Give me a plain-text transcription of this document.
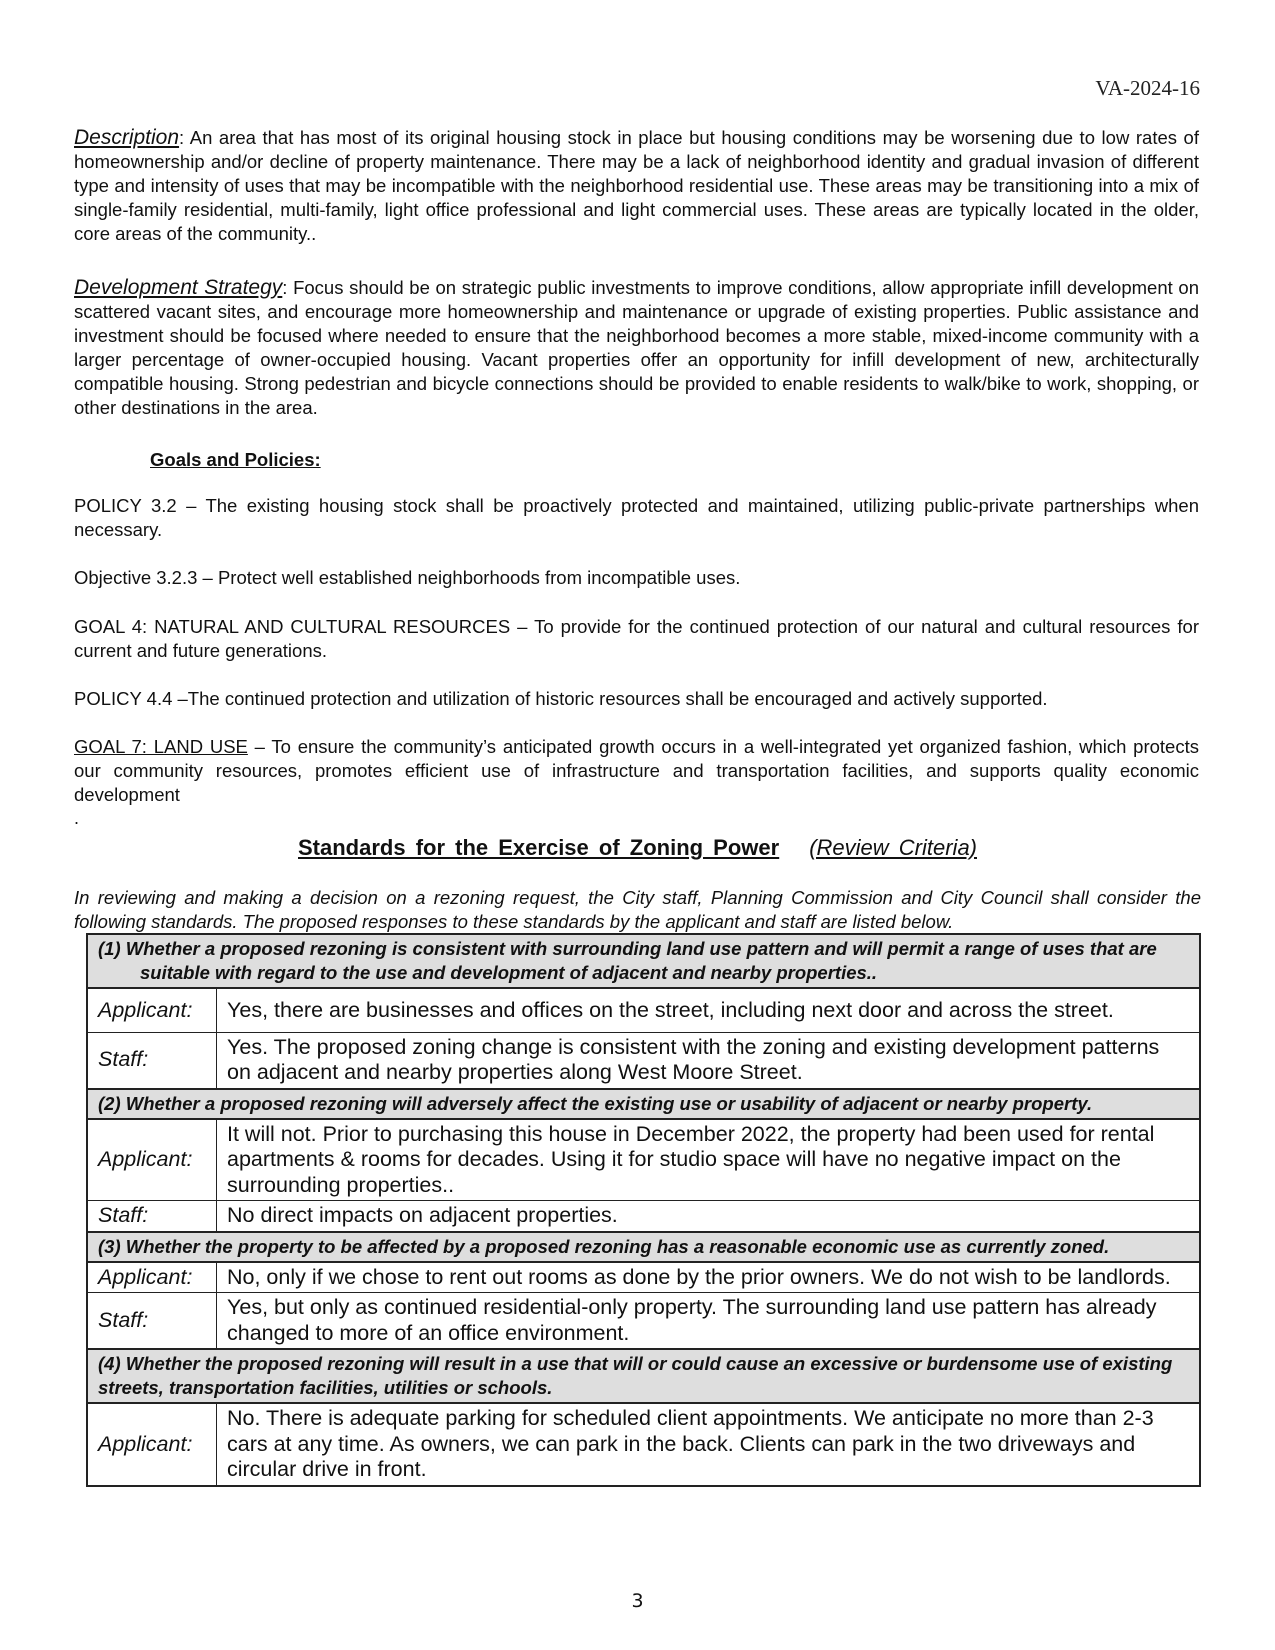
VA-2024-16

Description: An area that has most of its original housing stock in place but housing conditions may be worsening due to low rates of homeownership and/or decline of property maintenance. There may be a lack of neighborhood identity and gradual invasion of different type and intensity of uses that may be incompatible with the neighborhood residential use. These areas may be transitioning into a mix of single-family residential, multi-family, light office professional and light commercial uses. These areas are typically located in the older, core areas of the community..

Development Strategy: Focus should be on strategic public investments to improve conditions, allow appropriate infill development on scattered vacant sites, and encourage more homeownership and maintenance or upgrade of existing properties. Public assistance and investment should be focused where needed to ensure that the neighborhood becomes a more stable, mixed-income community with a larger percentage of owner-occupied housing. Vacant properties offer an opportunity for infill development of new, architecturally compatible housing. Strong pedestrian and bicycle connections should be provided to enable residents to walk/bike to work, shopping, or other destinations in the area.

Goals and Policies:

POLICY 3.2 – The existing housing stock shall be proactively protected and maintained, utilizing public-private partnerships when necessary.

Objective 3.2.3 – Protect well established neighborhoods from incompatible uses.

GOAL 4: NATURAL AND CULTURAL RESOURCES – To provide for the continued protection of our natural and cultural resources for current and future generations.

POLICY 4.4 –The continued protection and utilization of historic resources shall be encouraged and actively supported.

GOAL 7: LAND USE – To ensure the community’s anticipated growth occurs in a well-integrated yet organized fashion, which protects our community resources, promotes efficient use of infrastructure and transportation facilities, and supports quality economic development

.

Standards for the Exercise of Zoning Power (Review Criteria)

In reviewing and making a decision on a rezoning request, the City staff, Planning Commission and City Council shall consider the following standards. The proposed responses to these standards by the applicant and staff are listed below.

(1) Whether a proposed rezoning is consistent with surrounding land use pattern and will permit a range of uses that are suitable with regard to the use and development of adjacent and nearby properties..	

Applicant:	Yes, there are businesses and offices on the street, including next door and across the street.
Staff:	Yes. The proposed zoning change is consistent with the zoning and existing development patterns on adjacent and nearby properties along West Moore Street.

(2) Whether a proposed rezoning will adversely affect the existing use or usability of adjacent or nearby property.	

Applicant:	It will not. Prior to purchasing this house in December 2022, the property had been used for rental apartments & rooms for decades. Using it for studio space will have no negative impact on the surrounding properties..
Staff:	No direct impacts on adjacent properties.

(3) Whether the property to be affected by a proposed rezoning has a reasonable economic use as currently zoned.	

Applicant:	No, only if we chose to rent out rooms as done by the prior owners. We do not wish to be landlords.
Staff:	Yes, but only as continued residential-only property. The surrounding land use pattern has already changed to more of an office environment.

(4) Whether the proposed rezoning will result in a use that will or could cause an excessive or burdensome use of existing streets, transportation facilities, utilities or schools.	

Applicant:	No. There is adequate parking for scheduled client appointments. We anticipate no more than 2-3 cars at any time. As owners, we can park in the back. Clients can park in the two driveways and circular drive in front.
3
